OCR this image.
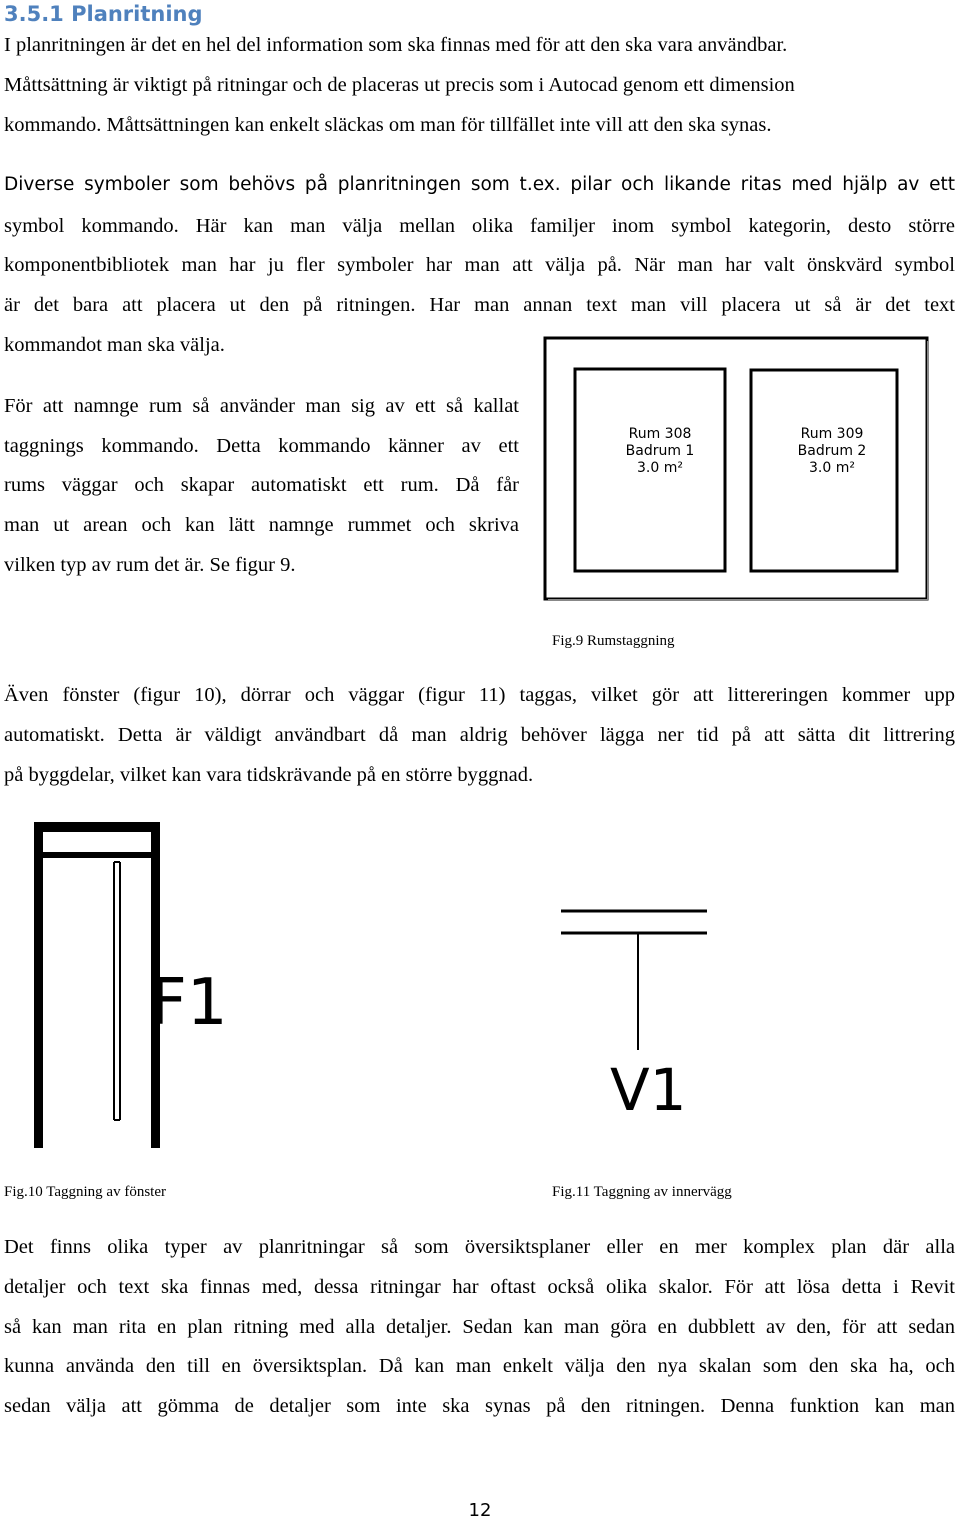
3.5.1 Planritning
I planritningen är det en hel del information som ska finnas med för att den ska vara användbar.
Måttsättning är viktigt på ritningar och de placeras ut precis som i Autocad genom ett dimension
kommando. Måttsättningen kan enkelt släckas om man för tillfället inte vill att den ska synas.
Diverse symboler som behövs på planritningen som t.ex. pilar och likande ritas med hjälp av ett
symbol kommando. Här kan man välja mellan olika familjer inom symbol kategorin, desto större
komponentbibliotek man har ju fler symboler har man att välja på. När man har valt önskvärd symbol
är det bara att placera ut den på ritningen. Har man annan text man vill placera ut så är det text
kommandot man ska välja.
För att namnge rum så använder man sig av ett så kallat
taggnings kommando. Detta kommando känner av ett
rums väggar och skapar automatiskt ett rum. Då får
man ut arean och kan lätt namnge rummet och skriva
vilken typ av rum det är. Se figur 9.
Rum 308
Badrum 1
3.0 m²
Rum 309
Badrum 2
3.0 m²
Fig.9 Rumstaggning
Även fönster (figur 10), dörrar och väggar (figur 11) taggas, vilket gör att littereringen kommer upp
automatiskt. Detta är väldigt användbart då man aldrig behöver lägga ner tid på att sätta dit littrering
på byggdelar, vilket kan vara tidskrävande på en större byggnad.
F1
Fig.10 Taggning av fönster
V1
Fig.11 Taggning av innervägg
Det finns olika typer av planritningar så som översiktsplaner eller en mer komplex plan där alla
detaljer och text ska finnas med, dessa ritningar har oftast också olika skalor. För att lösa detta i Revit
så kan man rita en plan ritning med alla detaljer. Sedan kan man göra en dubblett av den, för att sedan
kunna använda den till en översiktsplan. Då kan man enkelt välja den nya skalan som den ska ha, och
sedan välja att gömma de detaljer som inte ska synas på den ritningen. Denna funktion kan man
12
